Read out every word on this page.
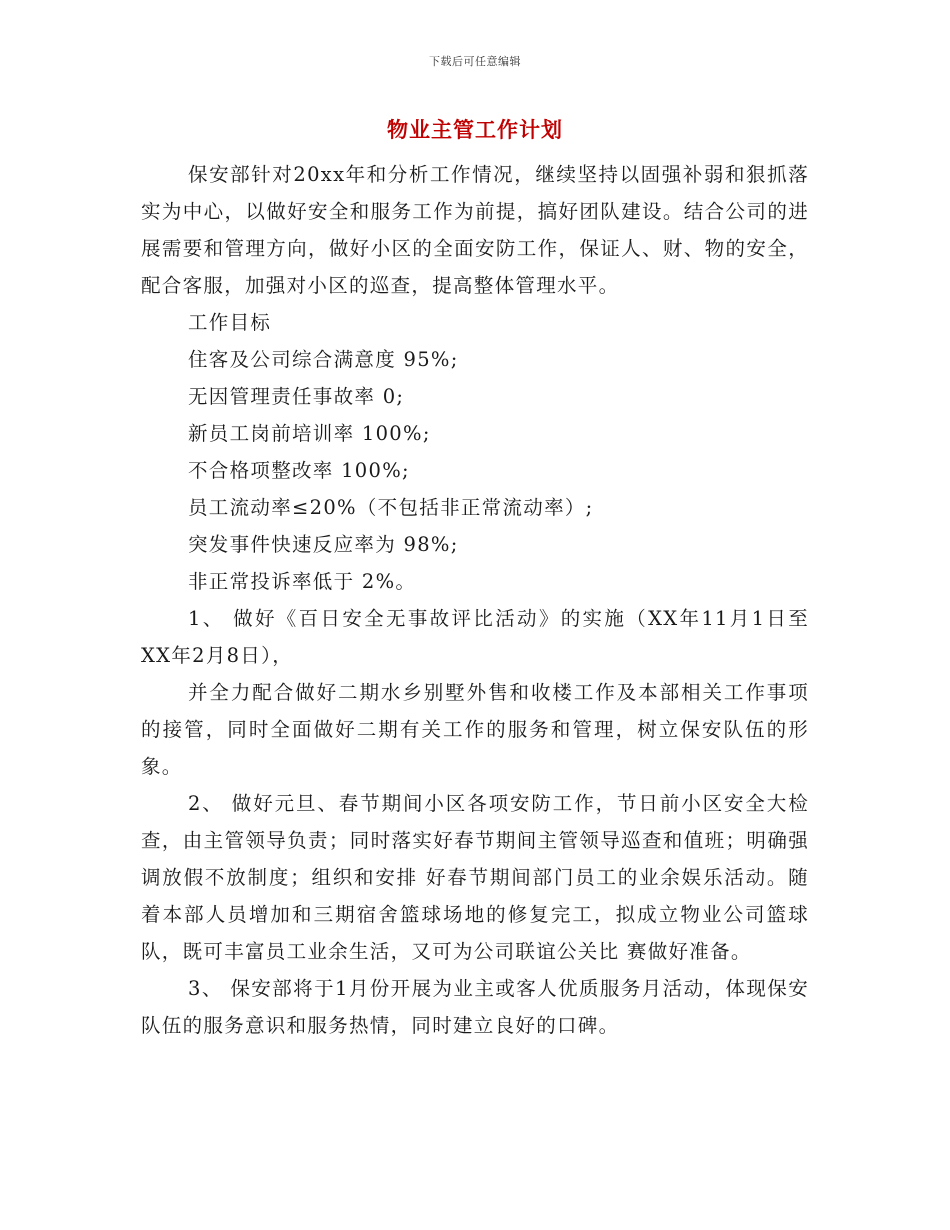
下载后可任意编辑
物业主管工作计划

保安部针对20xx年和分析工作情况，继续坚持以固强补弱和狠抓落实为中心，以做好安全和服务工作为前提，搞好团队建设。结合公司的进展需要和管理方向，做好小区的全面安防工作，保证人、财、物的安全，配合客服，加强对小区的巡查，提高整体管理水平。

工作目标

住客及公司综合满意度 95%;

无因管理责任事故率 0;

新员工岗前培训率 100%;

不合格项整改率 100%;

员工流动率≤20%（不包括非正常流动率）;

突发事件快速反应率为 98%;

非正常投诉率低于 2%。

1、 做好《百日安全无事故评比活动》的实施（XX年11月1日至XX年2月8日），

并全力配合做好二期水乡别墅外售和收楼工作及本部相关工作事项的接管，同时全面做好二期有关工作的服务和管理，树立保安队伍的形象。

2、 做好元旦、春节期间小区各项安防工作，节日前小区安全大检查，由主管领导负责；同时落实好春节期间主管领导巡查和值班；明确强调放假不放制度；组织和安排 好春节期间部门员工的业余娱乐活动。随着本部人员增加和三期宿舍篮球场地的修复完工，拟成立物业公司篮球队，既可丰富员工业余生活，又可为公司联谊公关比 赛做好准备。

3、 保安部将于1月份开展为业主或客人优质服务月活动，体现保安队伍的服务意识和服务热情，同时建立良好的口碑。
